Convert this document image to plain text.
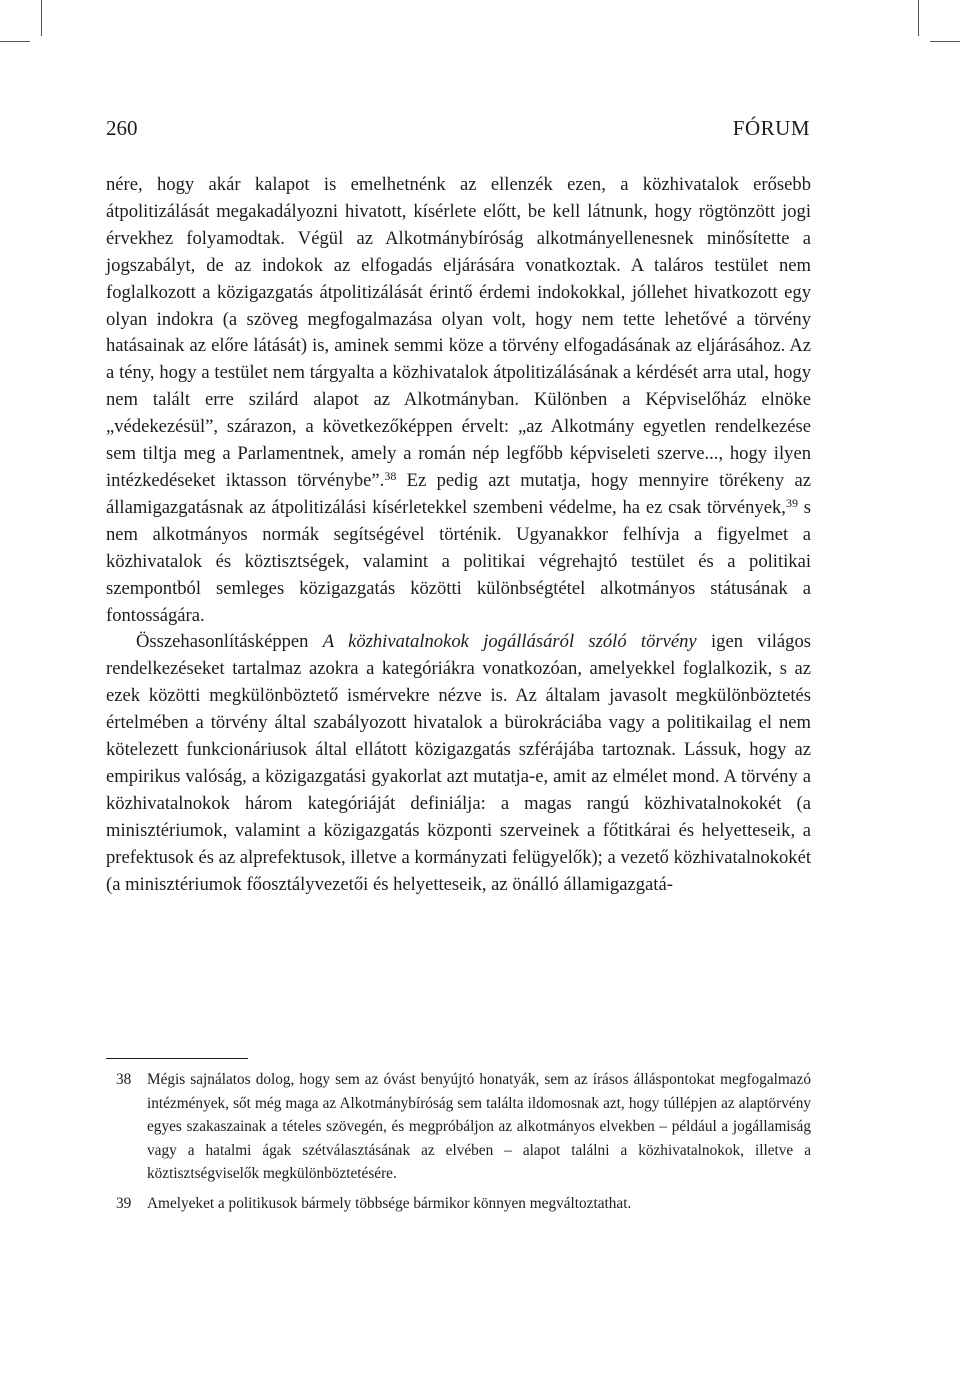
260	FÓRUM

nére, hogy akár kalapot is emelhetnénk az ellenzék ezen, a közhivatalok erősebb átpolitizálását megakadályozni hivatott, kísérlete előtt, be kell látnunk, hogy rögtönzött jogi érvekhez folyamodtak. Végül az Alkotmánybíróság alkotmányellenesnek minősítette a jogszabályt, de az indokok az elfogadás eljárására vonatkoztak. A taláros testület nem foglalkozott a közigazgatás átpolitizálását érintő érdemi indokokkal, jóllehet hivatkozott egy olyan indokra (a szöveg megfogalmazása olyan volt, hogy nem tette lehetővé a törvény hatásainak az előre látását) is, aminek semmi köze a törvény elfogadásának az eljárásához. Az a tény, hogy a testület nem tárgyalta a közhivatalok átpolitizálásának a kérdését arra utal, hogy nem talált erre szilárd alapot az Alkotmányban. Különben a Képviselőház elnöke „védekezésül”, szárazon, a következőképpen érvelt: „az Alkotmány egyetlen rendelkezése sem tiltja meg a Parlamentnek, amely a román nép legfőbb képviseleti szerve..., hogy ilyen intézkedéseket iktasson törvénybe”.$^{38}$ Ez pedig azt mutatja, hogy mennyire törékeny az államigazgatásnak az átpolitizálási kísérletekkel szembeni védelme, ha ez csak törvények,$^{39}$ s nem alkotmányos normák segítségével történik. Ugyanakkor felhívja a figyelmet a közhivatalok és köztisztségek, valamint a politikai végrehajtó testület és a politikai szempontból semleges közigazgatás közötti különbségtétel alkotmányos státusának a fontosságára.

Összehasonlításképpen A közhivatalnokok jogállásáról szóló törvény igen világos rendelkezéseket tartalmaz azokra a kategóriákra vonatkozóan, amelyekkel foglalkozik, s az ezek közötti megkülönböztető ismérvekre nézve is. Az általam javasolt megkülönböztetés értelmében a törvény által szabályozott hivatalok a bürokráciába vagy a politikailag el nem kötelezett funkcionáriusok által ellátott közigazgatás szférájába tartoznak. Lássuk, hogy az empirikus valóság, a közigazgatási gyakorlat azt mutatja-e, amit az elmélet mond. A törvény a közhivatalnokok három kategóriáját definiálja: a magas rangú közhivatalnokokét (a minisztériumok, valamint a közigazgatás központi szerveinek a főtitkárai és helyetteseik, a prefektusok és az alprefektusok, illetve a kormányzati felügyelők); a vezető közhivatalnokokét (a minisztériumok főosztályvezetői és helyetteseik, az önálló államigazgatá-

38 Mégis sajnálatos dolog, hogy sem az óvást benyújtó honatyák, sem az írásos álláspontokat megfogalmazó intézmények, sőt még maga az Alkotmánybíróság sem találta ildomosnak azt, hogy túllépjen az alaptörvény egyes szakaszainak a tételes szövegén, és megpróbáljon az alkotmányos elvekben – például a jogállamiság vagy a hatalmi ágak szétválasztásának az elvében – alapot találni a közhivatalnokok, illetve a köztisztségviselők megkülönböztetésére.
39 Amelyeket a politikusok bármely többsége bármikor könnyen megváltoztathat.
